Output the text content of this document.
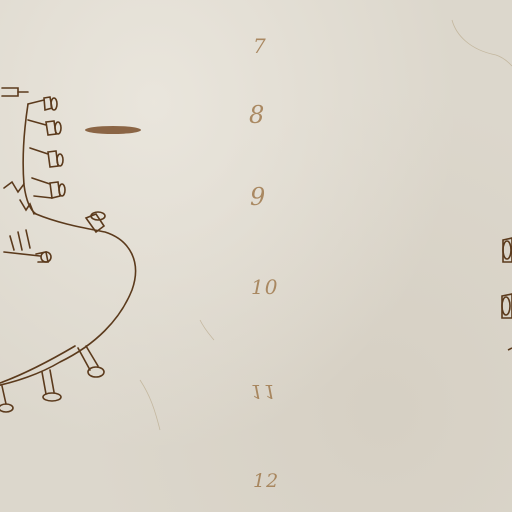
7
8
9
10
11
12
